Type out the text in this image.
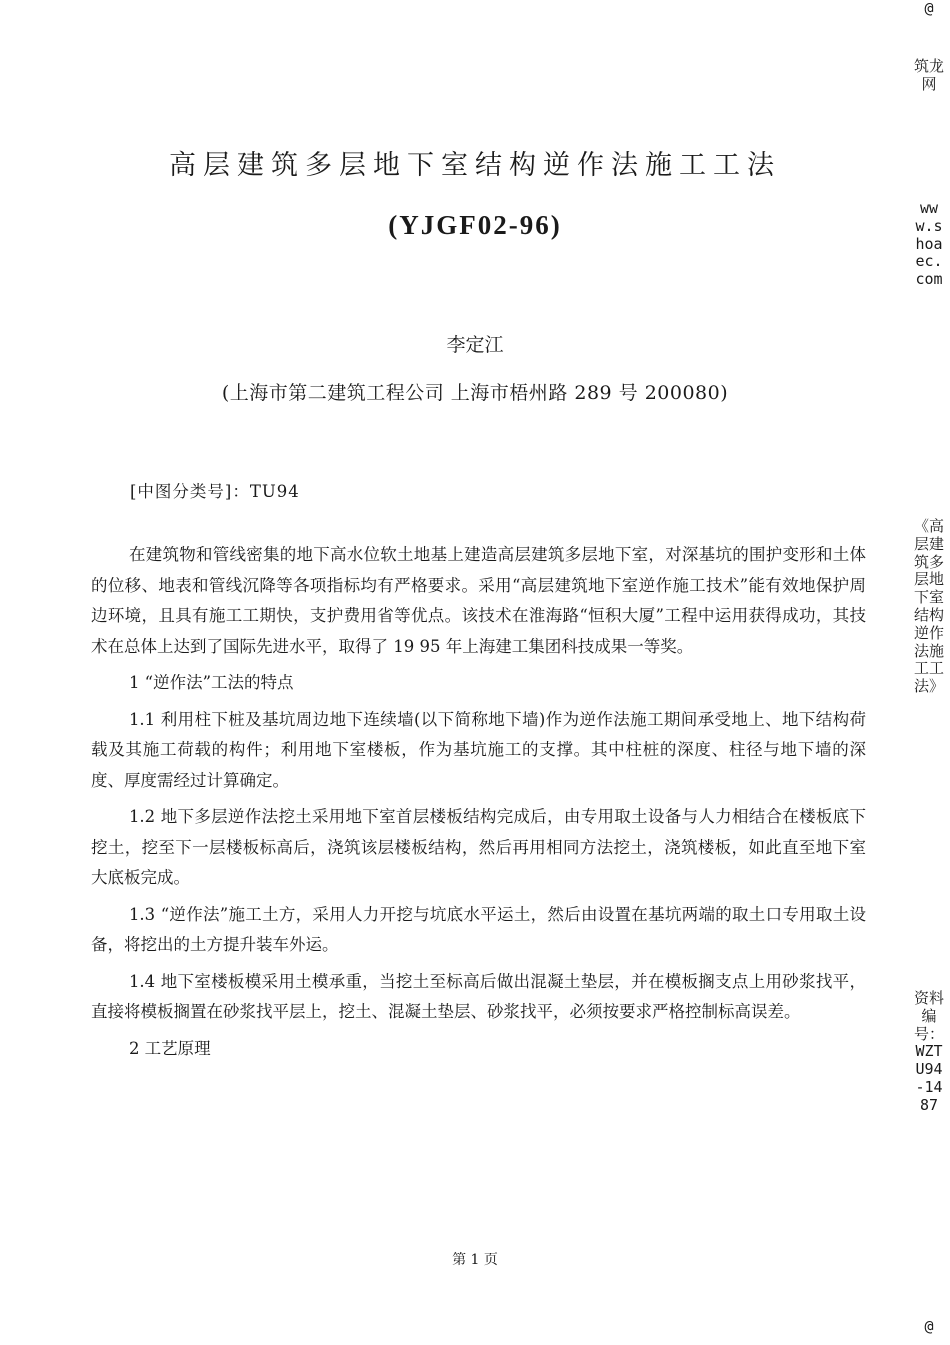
高层建筑多层地下室结构逆作法施工工法
(YJGF02-96)
李定江
(上海市第二建筑工程公司 上海市梧州路 289 号 200080)
[中图分类号]：TU94

在建筑物和管线密集的地下高水位软土地基上建造高层建筑多层地下室，对深基坑的围护变形和土体的位移、地表和管线沉降等各项指标均有严格要求。采用“高层建筑地下室逆作施工技术”能有效地保护周边环境，且具有施工工期快，支护费用省等优点。该技术在淮海路“恒积大厦”工程中运用获得成功，其技术在总体上达到了国际先进水平，取得了 19 95 年上海建工集团科技成果一等奖。

1 “逆作法”工法的特点

1.1 利用柱下桩及基坑周边地下连续墙(以下简称地下墙)作为逆作法施工期间承受地上、地下结构荷载及其施工荷载的构件；利用地下室楼板，作为基坑施工的支撑。其中柱桩的深度、柱径与地下墙的深度、厚度需经过计算确定。

1.2 地下多层逆作法挖土采用地下室首层楼板结构完成后，由专用取土设备与人力相结合在楼板底下挖土，挖至下一层楼板标高后，浇筑该层楼板结构，然后再用相同方法挖土，浇筑楼板，如此直至地下室大底板完成。

1.3 “逆作法”施工土方，采用人力开挖与坑底水平运土，然后由设置在基坑两端的取土口专用取土设备，将挖出的土方提升装车外运。

1.4 地下室楼板模采用土模承重，当挖土至标高后做出混凝土垫层，并在模板搁支点上用砂浆找平，直接将模板搁置在砂浆找平层上，挖土、混凝土垫层、砂浆找平，必须按要求严格控制标高误差。

2 工艺原理

第 1 页
@
筑龙网
www.shoaec.com
《高层建筑多层地下室结构逆作法施工工法》
资料编号：WZTU94-1487
@
